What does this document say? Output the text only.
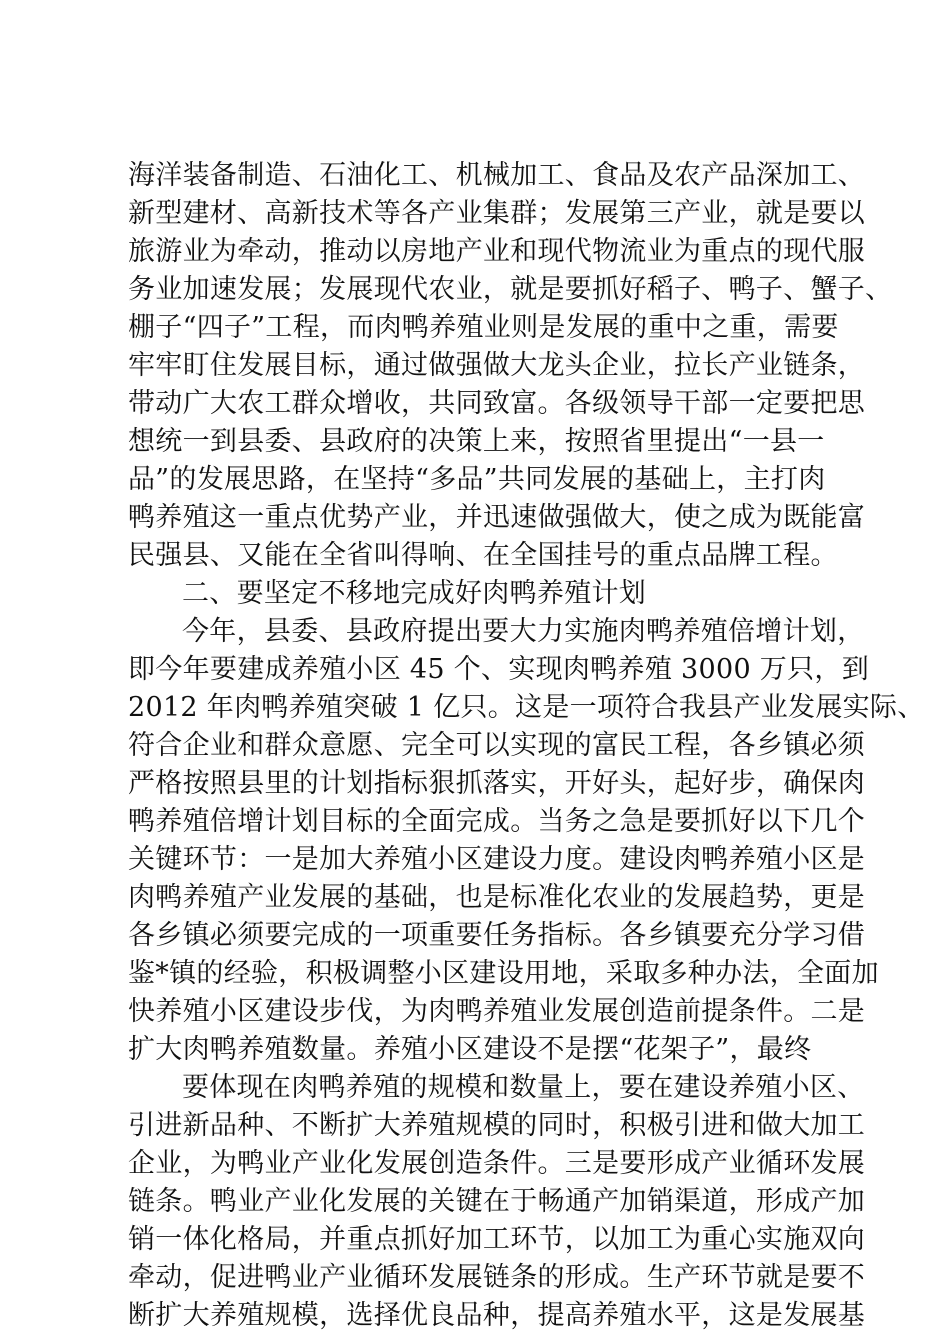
海洋装备制造、石油化工、机械加工、食品及农产品深加工、
新型建材、高新技术等各产业集群；发展第三产业，就是要以
旅游业为牵动，推动以房地产业和现代物流业为重点的现代服
务业加速发展；发展现代农业，就是要抓好稻子、鸭子、蟹子、
棚子“四子”工程，而肉鸭养殖业则是发展的重中之重，需要
牢牢盯住发展目标，通过做强做大龙头企业，拉长产业链条，
带动广大农工群众增收，共同致富。各级领导干部一定要把思
想统一到县委、县政府的决策上来，按照省里提出“一县一
品”的发展思路，在坚持“多品”共同发展的基础上，主打肉
鸭养殖这一重点优势产业，并迅速做强做大，使之成为既能富
民强县、又能在全省叫得响、在全国挂号的重点品牌工程。
二、要坚定不移地完成好肉鸭养殖计划
今年，县委、县政府提出要大力实施肉鸭养殖倍增计划，
即今年要建成养殖小区 45 个、实现肉鸭养殖 3000 万只，到
2012 年肉鸭养殖突破 1 亿只。这是一项符合我县产业发展实际、
符合企业和群众意愿、完全可以实现的富民工程，各乡镇必须
严格按照县里的计划指标狠抓落实，开好头，起好步，确保肉
鸭养殖倍增计划目标的全面完成。当务之急是要抓好以下几个
关键环节：一是加大养殖小区建设力度。建设肉鸭养殖小区是
肉鸭养殖产业发展的基础，也是标准化农业的发展趋势，更是
各乡镇必须要完成的一项重要任务指标。各乡镇要充分学习借
鉴*镇的经验，积极调整小区建设用地，采取多种办法，全面加
快养殖小区建设步伐，为肉鸭养殖业发展创造前提条件。二是
扩大肉鸭养殖数量。养殖小区建设不是摆“花架子”，最终
要体现在肉鸭养殖的规模和数量上，要在建设养殖小区、
引进新品种、不断扩大养殖规模的同时，积极引进和做大加工
企业，为鸭业产业化发展创造条件。三是要形成产业循环发展
链条。鸭业产业化发展的关键在于畅通产加销渠道，形成产加
销一体化格局，并重点抓好加工环节，以加工为重心实施双向
牵动，促进鸭业产业循环发展链条的形成。生产环节就是要不
断扩大养殖规模，选择优良品种，提高养殖水平，这是发展基
